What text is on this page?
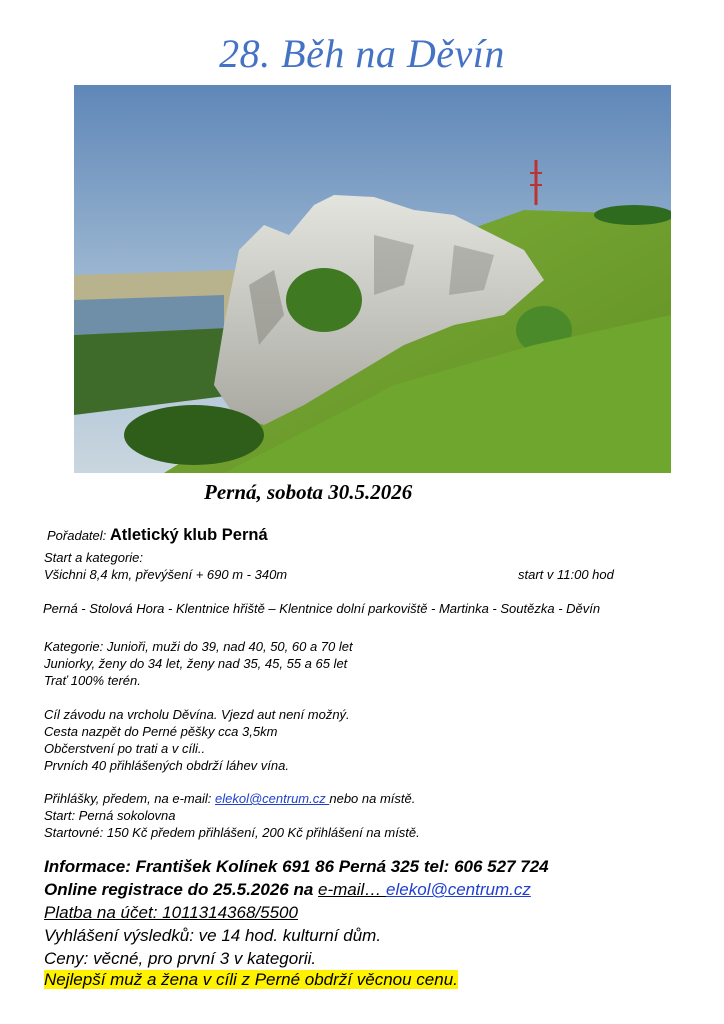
28. Běh na Děvín
Perná, sobota 30.5.2026
Pořadatel: Atletický klub Perná
Start a kategorie:
Všichni 8,4 km, převýšení + 690 m - 340m	start v 11:00 hod
Perná - Stolová Hora - Klentnice hřiště – Klentnice dolní parkoviště - Martinka - Soutězka - Děvín
Kategorie: Junioři, muži do 39, nad 40, 50, 60 a 70 let
Juniorky, ženy do 34 let, ženy nad 35, 45, 55 a 65 let
Trať 100% terén.
Cíl závodu na vrcholu Děvína. Vjezd aut není možný.
Cesta nazpět do Perné pěšky cca 3,5km
Občerstvení po trati a v cíli..
Prvních 40 přihlášených obdrží láhev vína.
Přihlášky, předem, na e-mail: elekol@centrum.cz nebo na místě.
Start: Perná sokolovna
Startovné: 150 Kč předem přihlášení, 200 Kč přihlášení na místě.
Informace: František Kolínek 691 86 Perná 325 tel: 606 527 724
Online registrace do 25.5.2026 na e-mail… elekol@centrum.cz
Platba na účet: 1011314368/5500
Vyhlášení výsledků: ve 14 hod. kulturní dům.
Ceny: věcné, pro první 3 v kategorii.
Nejlepší muž a žena v cíli z Perné obdrží věcnou cenu.
